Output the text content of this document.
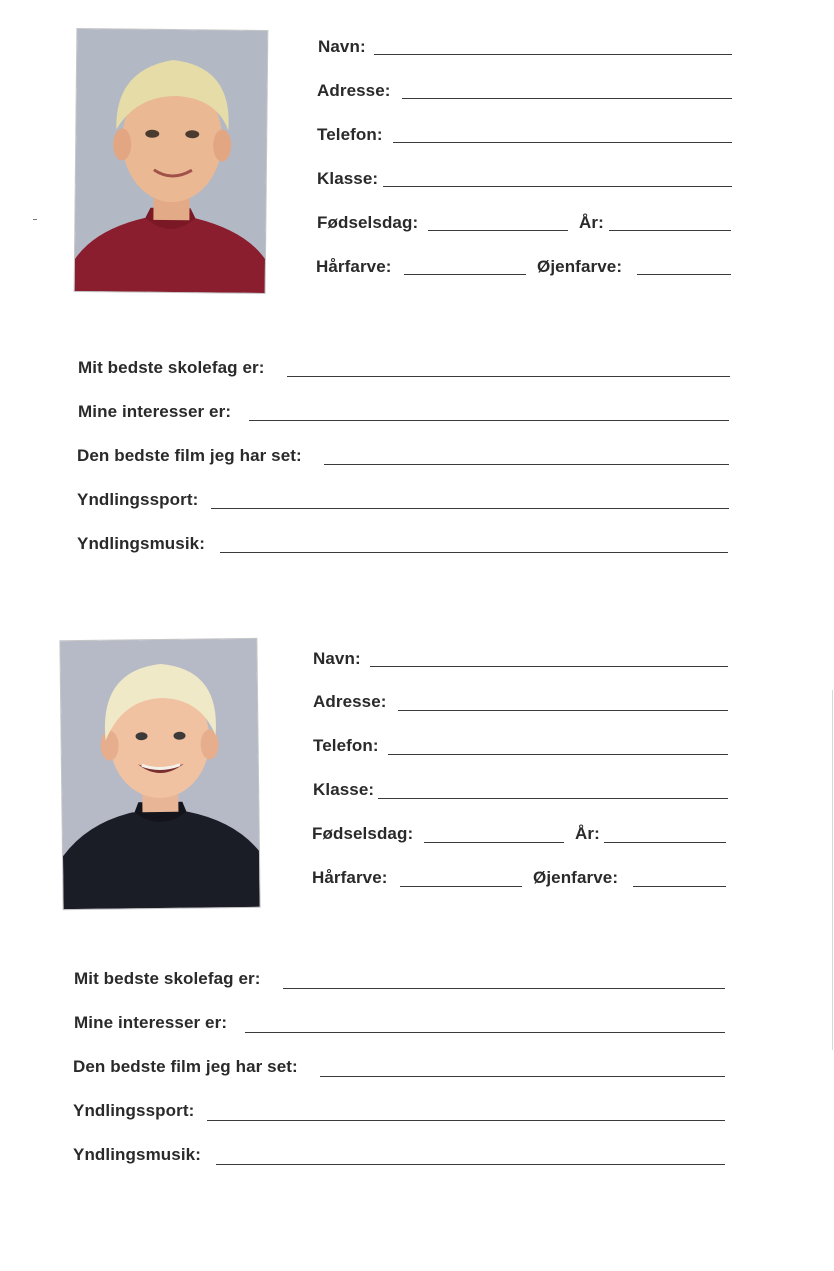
Navn:
Adresse:
Telefon:
Klasse:
Fødselsdag:	År:
Hårfarve:	Øjenfarve:
Mit bedste skolefag er:
Mine interesser er:
Den bedste film jeg har set:
Yndlingssport:
Yndlingsmusik:
Navn:
Adresse:
Telefon:
Klasse:
Fødselsdag:	År:
Hårfarve:	Øjenfarve:
Mit bedste skolefag er:
Mine interesser er:
Den bedste film jeg har set:
Yndlingssport:
Yndlingsmusik:
